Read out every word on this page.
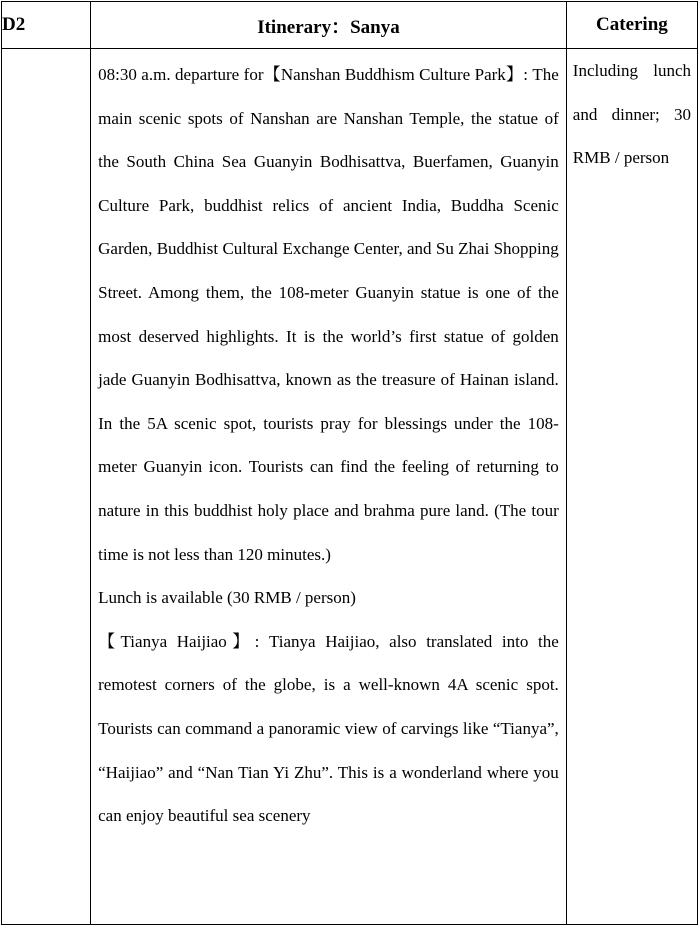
D2	Itinerary：Sanya	Catering

	08:30 a.m. departure for【Nanshan Buddhism Culture Park】: The main scenic spots of Nanshan are Nanshan Temple, the statue of the South China Sea Guanyin Bodhisattva, Buerfamen, Guanyin Culture Park, buddhist relics of ancient India, Buddha Scenic Garden, Buddhist Cultural Exchange Center, and Su Zhai Shopping Street. Among them, the 108-meter Guanyin statue is one of the most deserved highlights. It is the world’s first statue of golden jade Guanyin Bodhisattva, known as the treasure of Hainan island. In the 5A scenic spot, tourists pray for blessings under the 108-meter Guanyin icon. Tourists can find the feeling of returning to nature in this buddhist holy place and brahma pure land. (The tour time is not less than 120 minutes.)

Lunch is available (30 RMB / person)

【Tianya Haijiao】: Tianya Haijiao, also translated into the remotest corners of the globe, is a well-known 4A scenic spot. Tourists can command a panoramic view of carvings like “Tianya”, “Haijiao” and “Nan Tian Yi Zhu”. This is a wonderland where you can enjoy beautiful sea scenery	Including lunch and dinner; 30 RMB / person
